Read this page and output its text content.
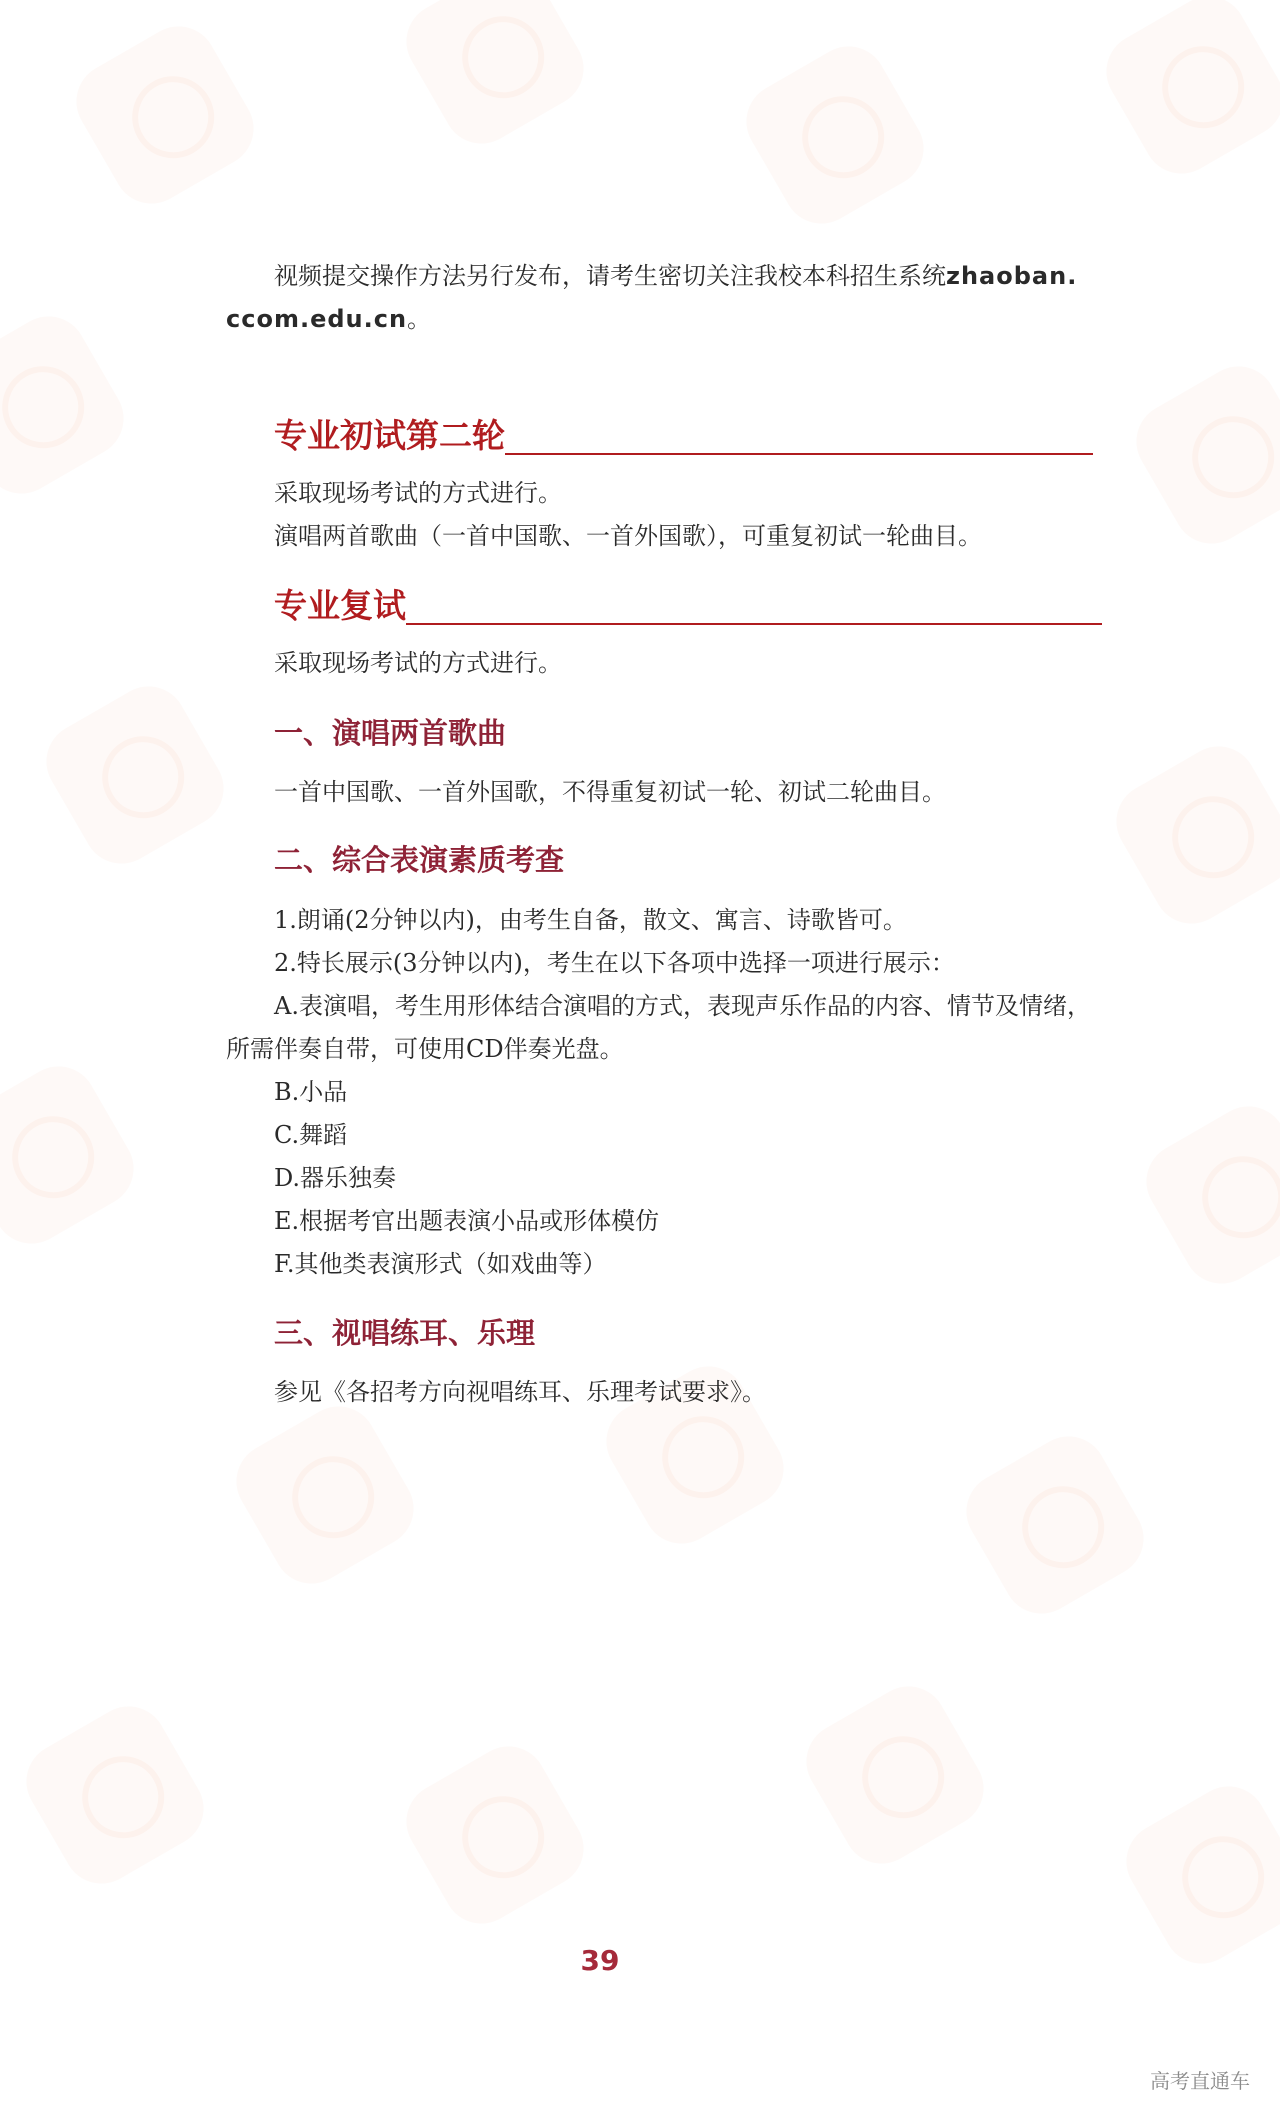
视频提交操作方法另行发布，请考生密切关注我校本科招生系统zhaoban.
ccom.edu.cn。

专业初试第二轮

采取现场考试的方式进行。

演唱两首歌曲（一首中国歌、一首外国歌），可重复初试一轮曲目。

专业复试

采取现场考试的方式进行。

一、演唱两首歌曲

一首中国歌、一首外国歌，不得重复初试一轮、初试二轮曲目。

二、综合表演素质考查

1.朗诵(2分钟以内)，由考生自备，散文、寓言、诗歌皆可。

2.特长展示(3分钟以内)，考生在以下各项中选择一项进行展示：

A.表演唱，考生用形体结合演唱的方式，表现声乐作品的内容、情节及情绪，

所需伴奏自带，可使用CD伴奏光盘。

B.小品

C.舞蹈

D.器乐独奏

E.根据考官出题表演小品或形体模仿

F.其他类表演形式（如戏曲等）

三、视唱练耳、乐理

参见《各招考方向视唱练耳、乐理考试要求》。

39
高考直通车
